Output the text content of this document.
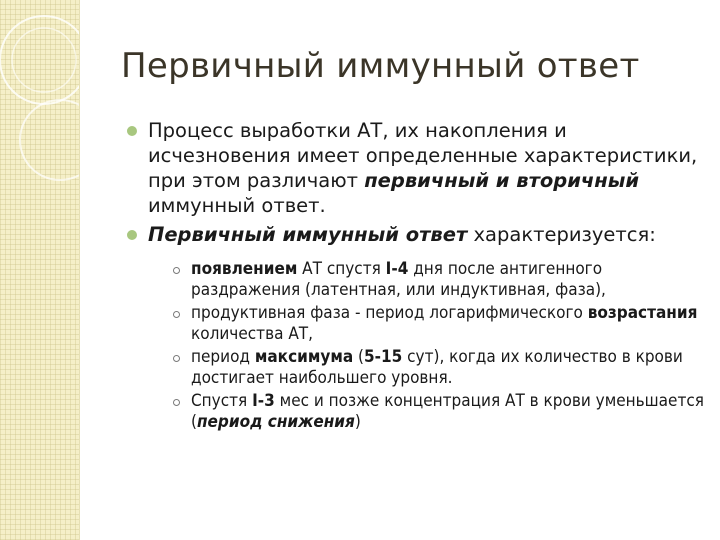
Первичный иммунный ответ
Процесс выработки АТ, их накопления и исчезновения имеет определенные характеристики, при этом различают первичный и вторичный иммунный ответ.
Первичный иммунный ответ характеризуется:
появлением АТ спустя I-4 дня после антигенного раздражения (латентная, или индуктивная, фаза),
продуктивная фаза - период логарифмического возрастания количества АТ,
период максимума (5-15 сут), когда их количество в крови достигает наибольшего уровня.
Спустя I-3 мес и позже концентрация АТ в крови уменьшается (период снижения)
